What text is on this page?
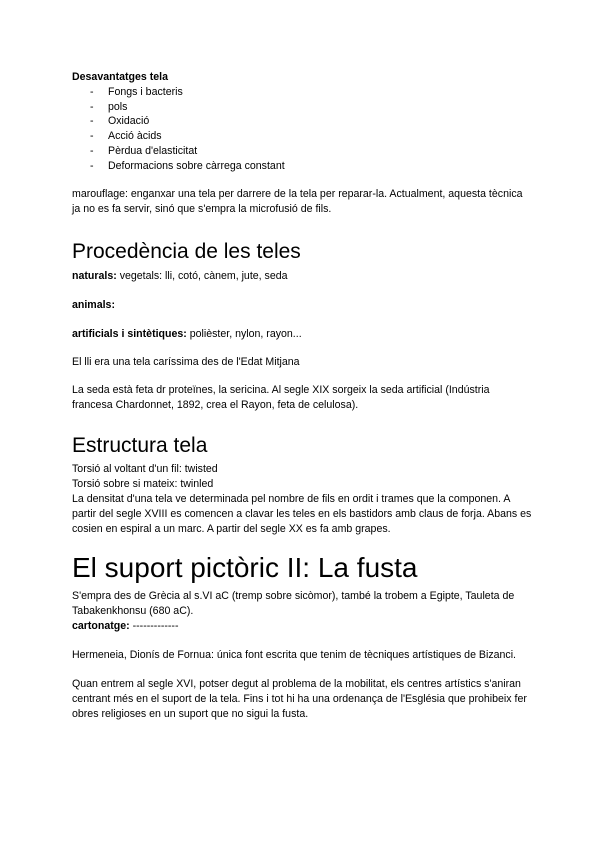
Desavantatges tela

- Fongs i bacteris
- pols
- Oxidació
- Acció àcids
- Pèrdua d'elasticitat
- Deformacions sobre càrrega constant

marouflage: enganxar una tela per darrere de la tela per reparar-la. Actualment, aquesta tècnica ja no es fa servir, sinó que s'empra la microfusió de fils.

Procedència de les teles

naturals: vegetals: lli, cotó, cànem, jute, seda

animals:

artificials i sintètiques: polièster, nylon, rayon...

El lli era una tela caríssima des de l'Edat Mitjana

La seda està feta dr proteïnes, la sericina. Al segle XIX sorgeix la seda artificial (Indústria francesa Chardonnet, 1892, crea el Rayon, feta de celulosa).

Estructura tela

Torsió al voltant d'un fil: twisted

Torsió sobre si mateix: twinled

La densitat d'una tela ve determinada pel nombre de fils en ordit i trames que la componen. A partir del segle XVIII es comencen a clavar les teles en els bastidors amb claus de forja. Abans es cosien en espiral a un marc. A partir del segle XX es fa amb grapes.

El suport pictòric II: La fusta

S'empra des de Grècia al s.VI aC (tremp sobre sicòmor), també la trobem a Egipte, Tauleta de Tabakenkhonsu (680 aC).

cartonatge: -------------

Hermeneia, Dionís de Fornua: única font escrita que tenim de tècniques artístiques de Bizanci.

Quan entrem al segle XVI, potser degut al problema de la mobilitat, els centres artístics s'aniran centrant més en el suport de la tela. Fins i tot hi ha una ordenança de l'Església que prohibeix fer obres religioses en un suport que no sigui la fusta.
